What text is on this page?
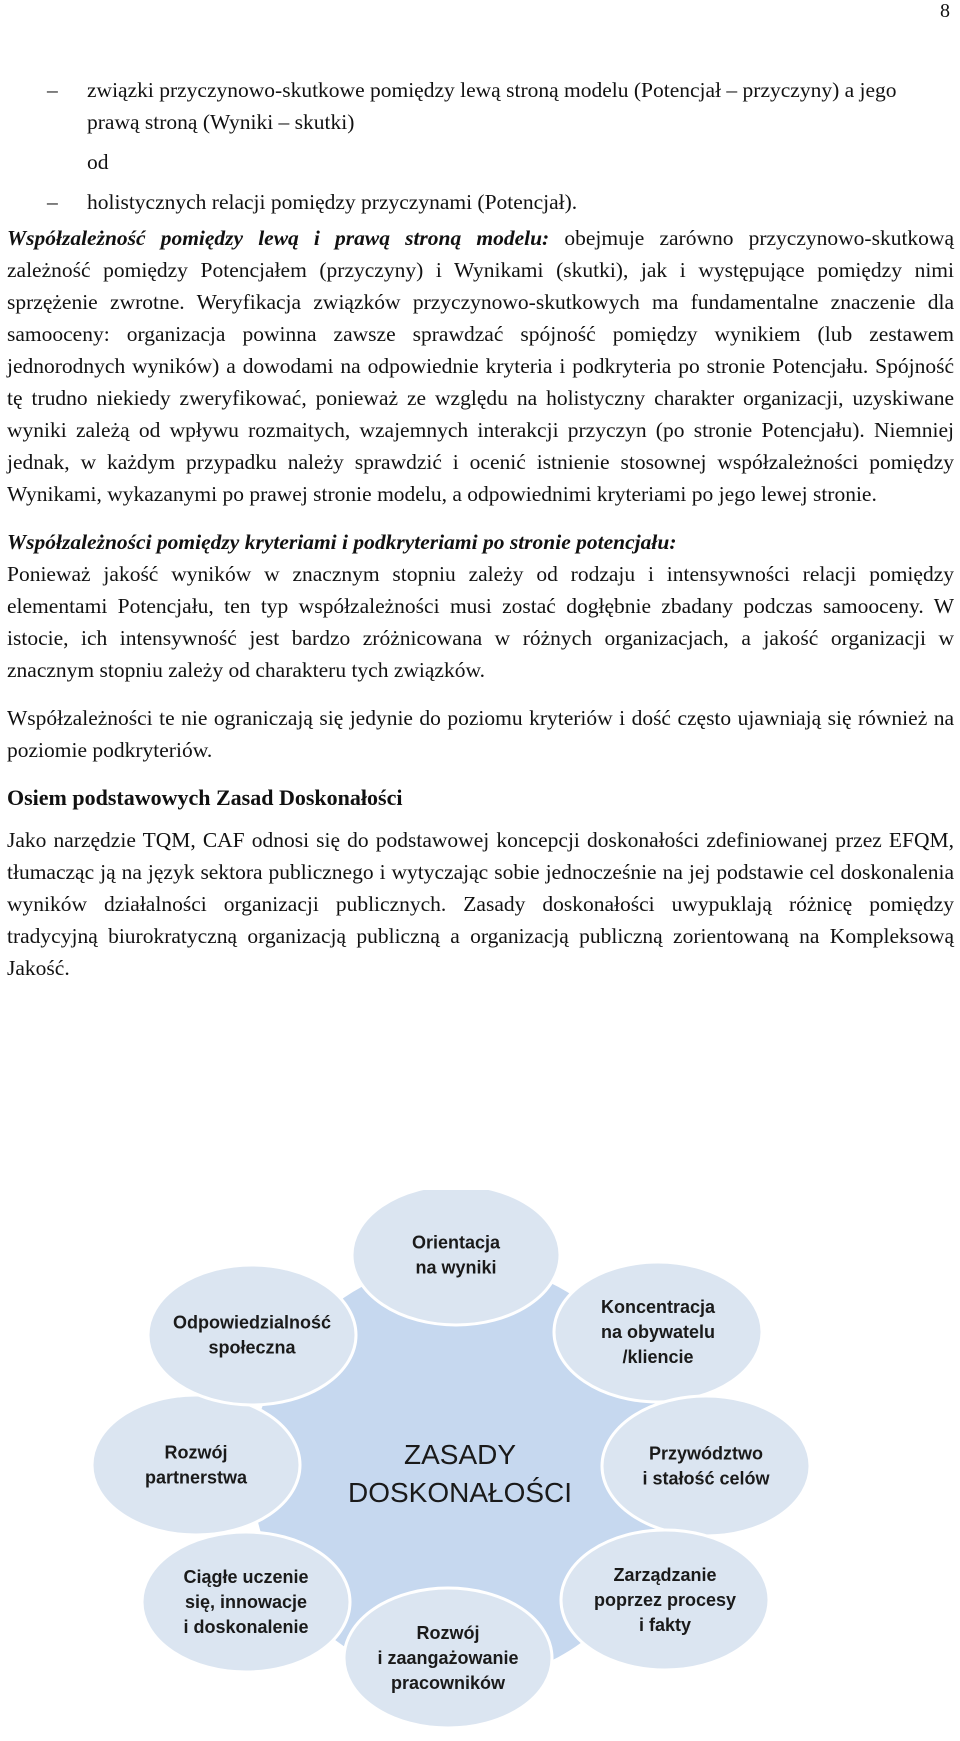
8

– związki przyczynowo-skutkowe pomiędzy lewą stroną modelu (Potencjał – przyczyny) a jego prawą stroną (Wyniki – skutki)

od

– holistycznych relacji pomiędzy przyczynami (Potencjał).

Współzależność pomiędzy lewą i prawą stroną modelu: obejmuje zarówno przyczynowo-skutkową zależność pomiędzy Potencjałem (przyczyny) i Wynikami (skutki), jak i występujące pomiędzy nimi sprzężenie zwrotne. Weryfikacja związków przyczynowo-skutkowych ma fundamentalne znaczenie dla samooceny: organizacja powinna zawsze sprawdzać spójność pomiędzy wynikiem (lub zestawem jednorodnych wyników) a dowodami na odpowiednie kryteria i podkryteria po stronie Potencjału. Spójność tę trudno niekiedy zweryfikować, ponieważ ze względu na holistyczny charakter organizacji, uzyskiwane wyniki zależą od wpływu rozmaitych, wzajemnych interakcji przyczyn (po stronie Potencjału). Niemniej jednak, w każdym przypadku należy sprawdzić i ocenić istnienie stosownej współzależności pomiędzy Wynikami, wykazanymi po prawej stronie modelu, a odpowiednimi kryteriami po jego lewej stronie.

Współzależności pomiędzy kryteriami i podkryteriami po stronie potencjału:
Ponieważ jakość wyników w znacznym stopniu zależy od rodzaju i intensywności relacji pomiędzy elementami Potencjału, ten typ współzależności musi zostać dogłębnie zbadany podczas samooceny. W istocie, ich intensywność jest bardzo zróżnicowana w różnych organizacjach, a jakość organizacji w znacznym stopniu zależy od charakteru tych związków.

Współzależności te nie ograniczają się jedynie do poziomu kryteriów i dość często ujawniają się również na poziomie podkryteriów.

Osiem podstawowych Zasad Doskonałości

Jako narzędzie TQM, CAF odnosi się do podstawowej koncepcji doskonałości zdefiniowanej przez EFQM, tłumacząc ją na język sektora publicznego i wytyczając sobie jednocześnie na jej podstawie cel doskonalenia wyników działalności organizacji publicznych. Zasady doskonałości uwypuklają różnicę pomiędzy tradycyjną biurokratyczną organizacją publiczną a organizacją publiczną zorientowaną na Kompleksową Jakość.

Orientacja
na wyniki
Koncentracja
na obywatelu
/kliencie
Przywództwo
i stałość celów
Zarządzanie
poprzez procesy
i fakty
Rozwój
i zaangażowanie
pracowników
Ciągłe uczenie
się, innowacje
i doskonalenie
Rozwój
partnerstwa
Odpowiedzialność
społeczna
ZASADY
DOSKONAŁOŚCI
